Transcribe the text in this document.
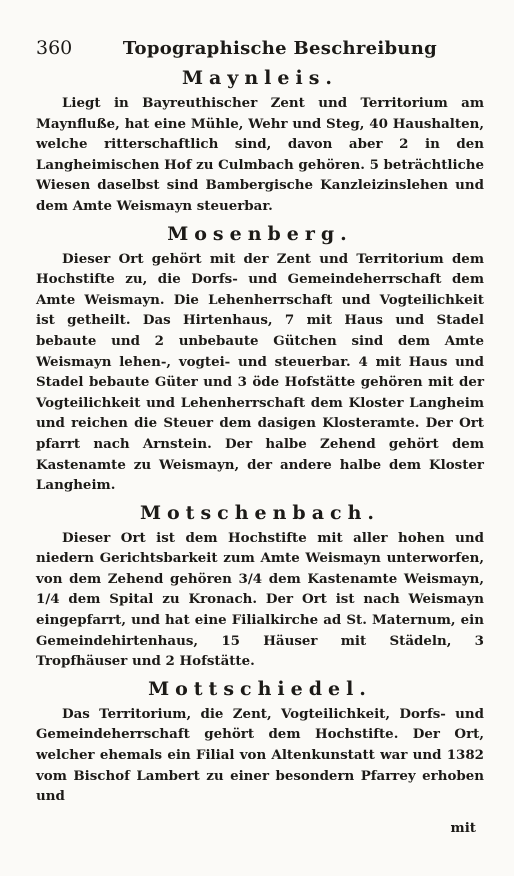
360	Topographische Beschreibung
Maynleis.

Liegt in Bayreuthischer Zent und Territorium am Maynfluße, hat eine Mühle, Wehr und Steg, 40 Haushalten, welche ritterschaftlich sind, davon aber 2 in den Langheimischen Hof zu Culmbach gehören. 5 beträchtliche Wiesen daselbst sind Bambergische Kanzleizinslehen und dem Amte Weismayn steuerbar.

Mosenberg.

Dieser Ort gehört mit der Zent und Territorium dem Hochstifte zu, die Dorfs- und Gemeindeherrschaft dem Amte Weismayn. Die Lehenherrschaft und Vogteilichkeit ist getheilt. Das Hirtenhaus, 7 mit Haus und Stadel bebaute und 2 unbebaute Gütchen sind dem Amte Weismayn lehen-, vogtei- und steuerbar. 4 mit Haus und Stadel bebaute Güter und 3 öde Hofstätte gehören mit der Vogteilichkeit und Lehenherrschaft dem Kloster Langheim und reichen die Steuer dem dasigen Klosteramte. Der Ort pfarrt nach Arnstein. Der halbe Zehend gehört dem Kastenamte zu Weismayn, der andere halbe dem Kloster Langheim.

Motschenbach.

Dieser Ort ist dem Hochstifte mit aller hohen und niedern Gerichtsbarkeit zum Amte Weismayn unterworfen, von dem Zehend gehören 3/4 dem Kastenamte Weismayn, 1/4 dem Spital zu Kronach. Der Ort ist nach Weismayn eingepfarrt, und hat eine Filialkirche ad St. Maternum, ein Gemeindehirtenhaus, 15 Häuser mit Städeln, 3 Tropfhäuser und 2 Hofstätte.

Mottschiedel.

Das Territorium, die Zent, Vogteilichkeit, Dorfs- und Gemeindeherrschaft gehört dem Hochstifte. Der Ort, welcher ehemals ein Filial von Altenkunstatt war und 1382 vom Bischof Lambert zu einer besondern Pfarrey erhoben und

mit
